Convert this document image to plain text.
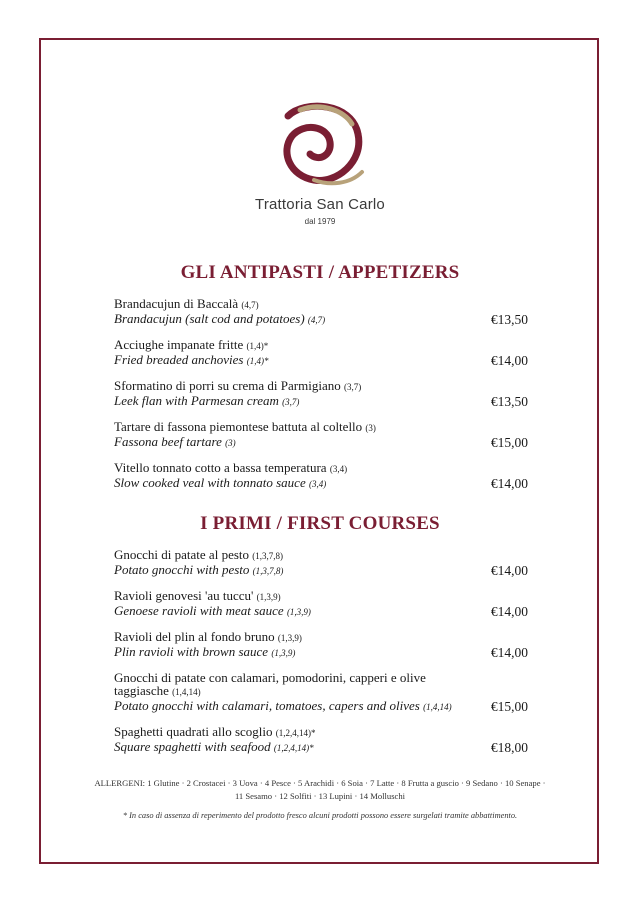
Trattoria San Carlo
dal 1979
GLI ANTIPASTI / APPETIZERS
Brandacujun di Baccalà (4,7)
Brandacujun (salt cod and potatoes) (4,7)	€13,50
Acciughe impanate fritte (1,4)*
Fried breaded anchovies (1,4)*	€14,00
Sformatino di porri su crema di Parmigiano (3,7)
Leek flan with Parmesan cream (3,7)	€13,50
Tartare di fassona piemontese battuta al coltello (3)
Fassona beef tartare (3)	€15,00
Vitello tonnato cotto a bassa temperatura (3,4)
Slow cooked veal with tonnato sauce (3,4)	€14,00
I PRIMI / FIRST COURSES
Gnocchi di patate al pesto (1,3,7,8)
Potato gnocchi with pesto (1,3,7,8)	€14,00
Ravioli genovesi 'au tuccu' (1,3,9)
Genoese ravioli with meat sauce (1,3,9)	€14,00
Ravioli del plin al fondo bruno (1,3,9)
Plin ravioli with brown sauce (1,3,9)	€14,00
Gnocchi di patate con calamari, pomodorini, capperi e olive taggiasche (1,4,14)
Potato gnocchi with calamari, tomatoes, capers and olives (1,4,14)	€15,00
Spaghetti quadrati allo scoglio (1,2,4,14)*
Square spaghetti with seafood (1,2,4,14)*	€18,00
ALLERGENI: 1 Glutine · 2 Crostacei · 3 Uova · 4 Pesce · 5 Arachidi · 6 Soia · 7 Latte · 8 Frutta a guscio · 9 Sedano · 10 Senape · 11 Sesamo · 12 Solfiti · 13 Lupini · 14 Molluschi
* In caso di assenza di reperimento del prodotto fresco alcuni prodotti possono essere surgelati tramite abbattimento.
